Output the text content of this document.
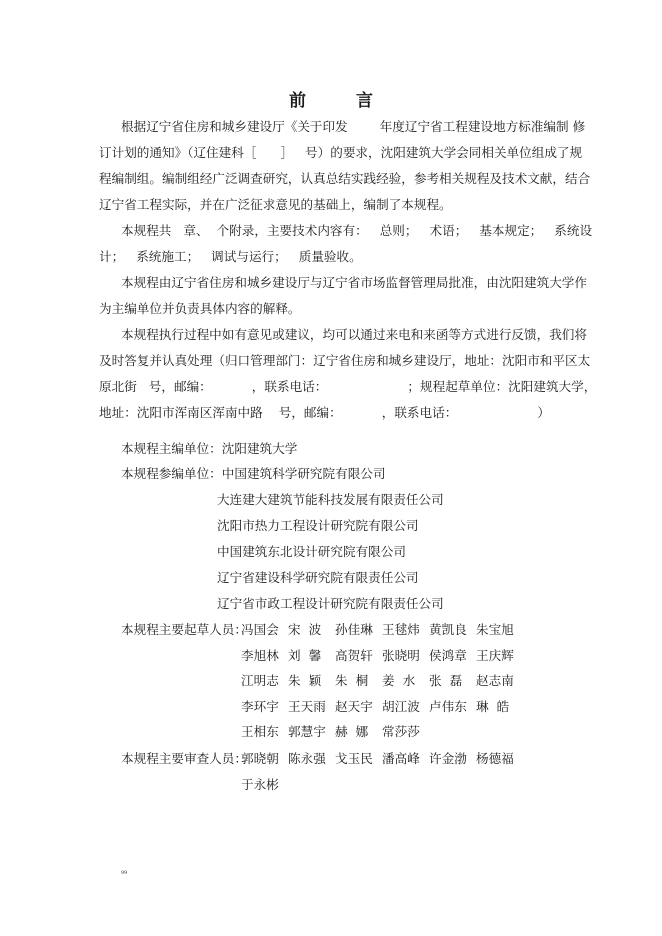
前 言
根据辽宁省住房和城乡建设厅《关于印发        年度辽宁省工程建设地方标准编制 修
订计划的通知》（辽住建科［      ］   号）的要求，沈阳建筑大学会同相关单位组成了规
程编制组。编制组经广泛调查研究，认真总结实践经验，参考相关规程及技术文献，结合
辽宁省工程实际，并在广泛征求意见的基础上，编制了本规程。
本规程共   章、  个附录，主要技术内容有：   总则；   术语；   基本规定；   系统设
计；   系统施工；   调试与运行；   质量验收。
本规程由辽宁省住房和城乡建设厅与辽宁省市场监督管理局批准，由沈阳建筑大学作
为主编单位并负责具体内容的解释。
本规程执行过程中如有意见或建议，均可以通过来电和来函等方式进行反馈，我们将
及时答复并认真处理（归口管理部门：辽宁省住房和城乡建设厅，地址：沈阳市和平区太
原北街   号，邮编：          ，联系电话：                    ；规程起草单位：沈阳建筑大学，
地址：沈阳市浑南区浑南中路    号，邮编：          ，联系电话：                    ）
本规程主编单位：沈阳建筑大学
本规程参编单位：中国建筑科学研究院有限公司
大连建大建筑节能科技发展有限责任公司
沈阳市热力工程设计研究院有限公司
中国建筑东北设计研究院有限公司
辽宁省建设科学研究院有限责任公司
辽宁省市政工程设计研究院有限责任公司
本规程主要起草人员：
冯国会 宋  波 孙佳琳 王毬炜 黄凯良 朱宝旭
李旭林 刘  馨 高贺轩 张晓明 侯鸿章 王庆辉
江明志 朱  颖 朱  桐 姜  水 张  磊 赵志南
李环宇 王天雨 赵天宇 胡江波 卢伟东 琳  皓
王相东 郭慧宇 赫  娜 常莎莎
本规程主要审查人员：
郭晓朝 陈永强 戈玉民 潘高峰 许金渤 杨德福
于永彬
99
